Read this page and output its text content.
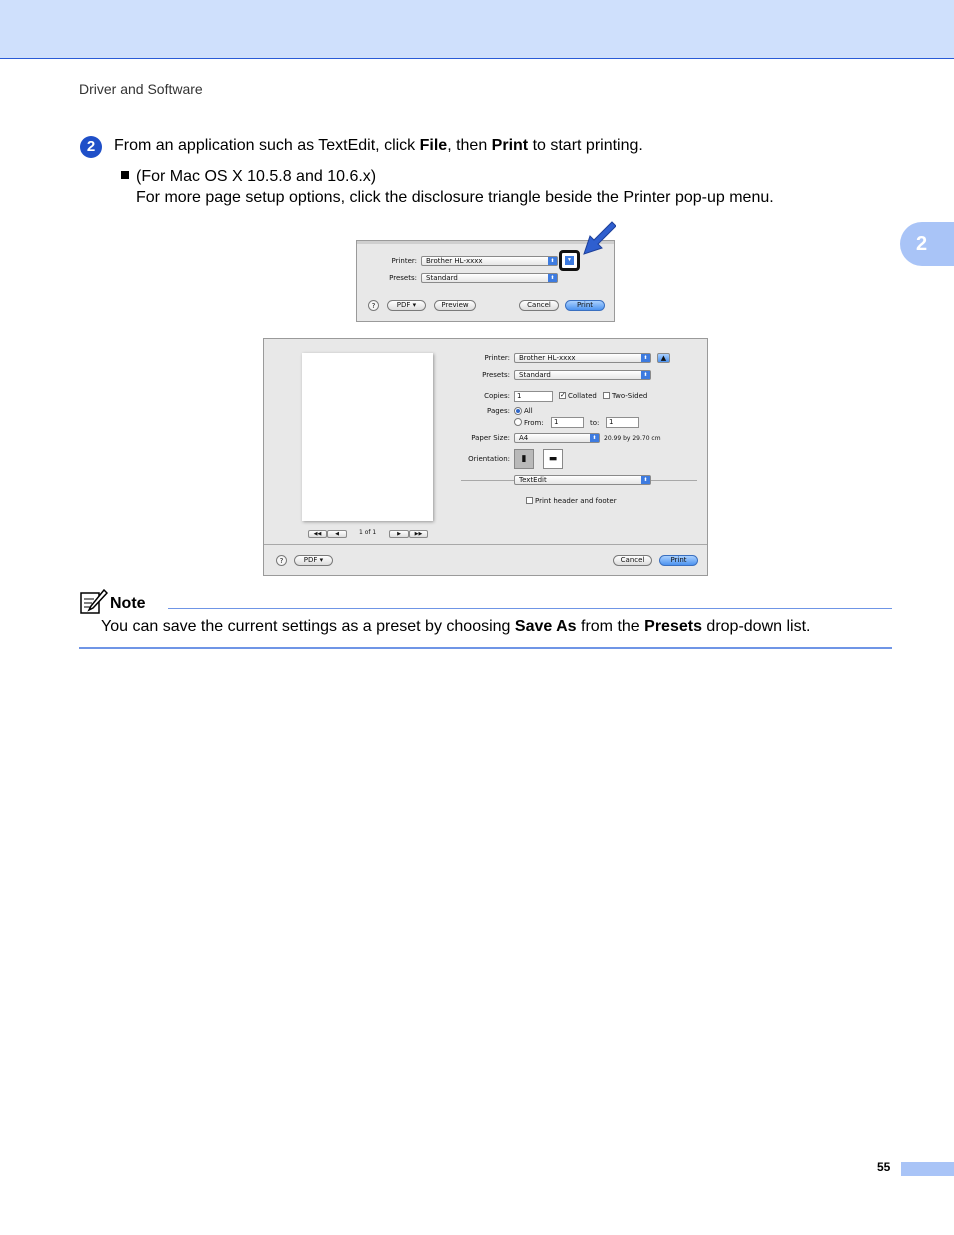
Driver and Software
2	From an application such as TextEdit, click File, then Print to start printing.
(For Mac OS X 10.5.8 and 10.6.x)
For more page setup options, click the disclosure triangle beside the Printer pop-up menu.
2
Printer:	Brother HL-xxxx	⬍
Presets:	Standard	⬍
?	PDF ▾	Preview	Cancel	Print
▼
◀◀	◀	1 of 1	▶	▶▶
Printer:	Brother HL-xxxx	⬍	▲
Presets:	Standard	⬍
Copies:	1	✓ Collated Two-Sided
Pages: All
From:	1	to:	1
Paper Size:	A4	⬍	20.99 by 29.70 cm
Orientation:	▮	▬
TextEdit	⬍
Print header and footer
?	PDF ▾	Cancel	Print
Note
You can save the current settings as a preset by choosing Save As from the Presets drop-down list.
55
